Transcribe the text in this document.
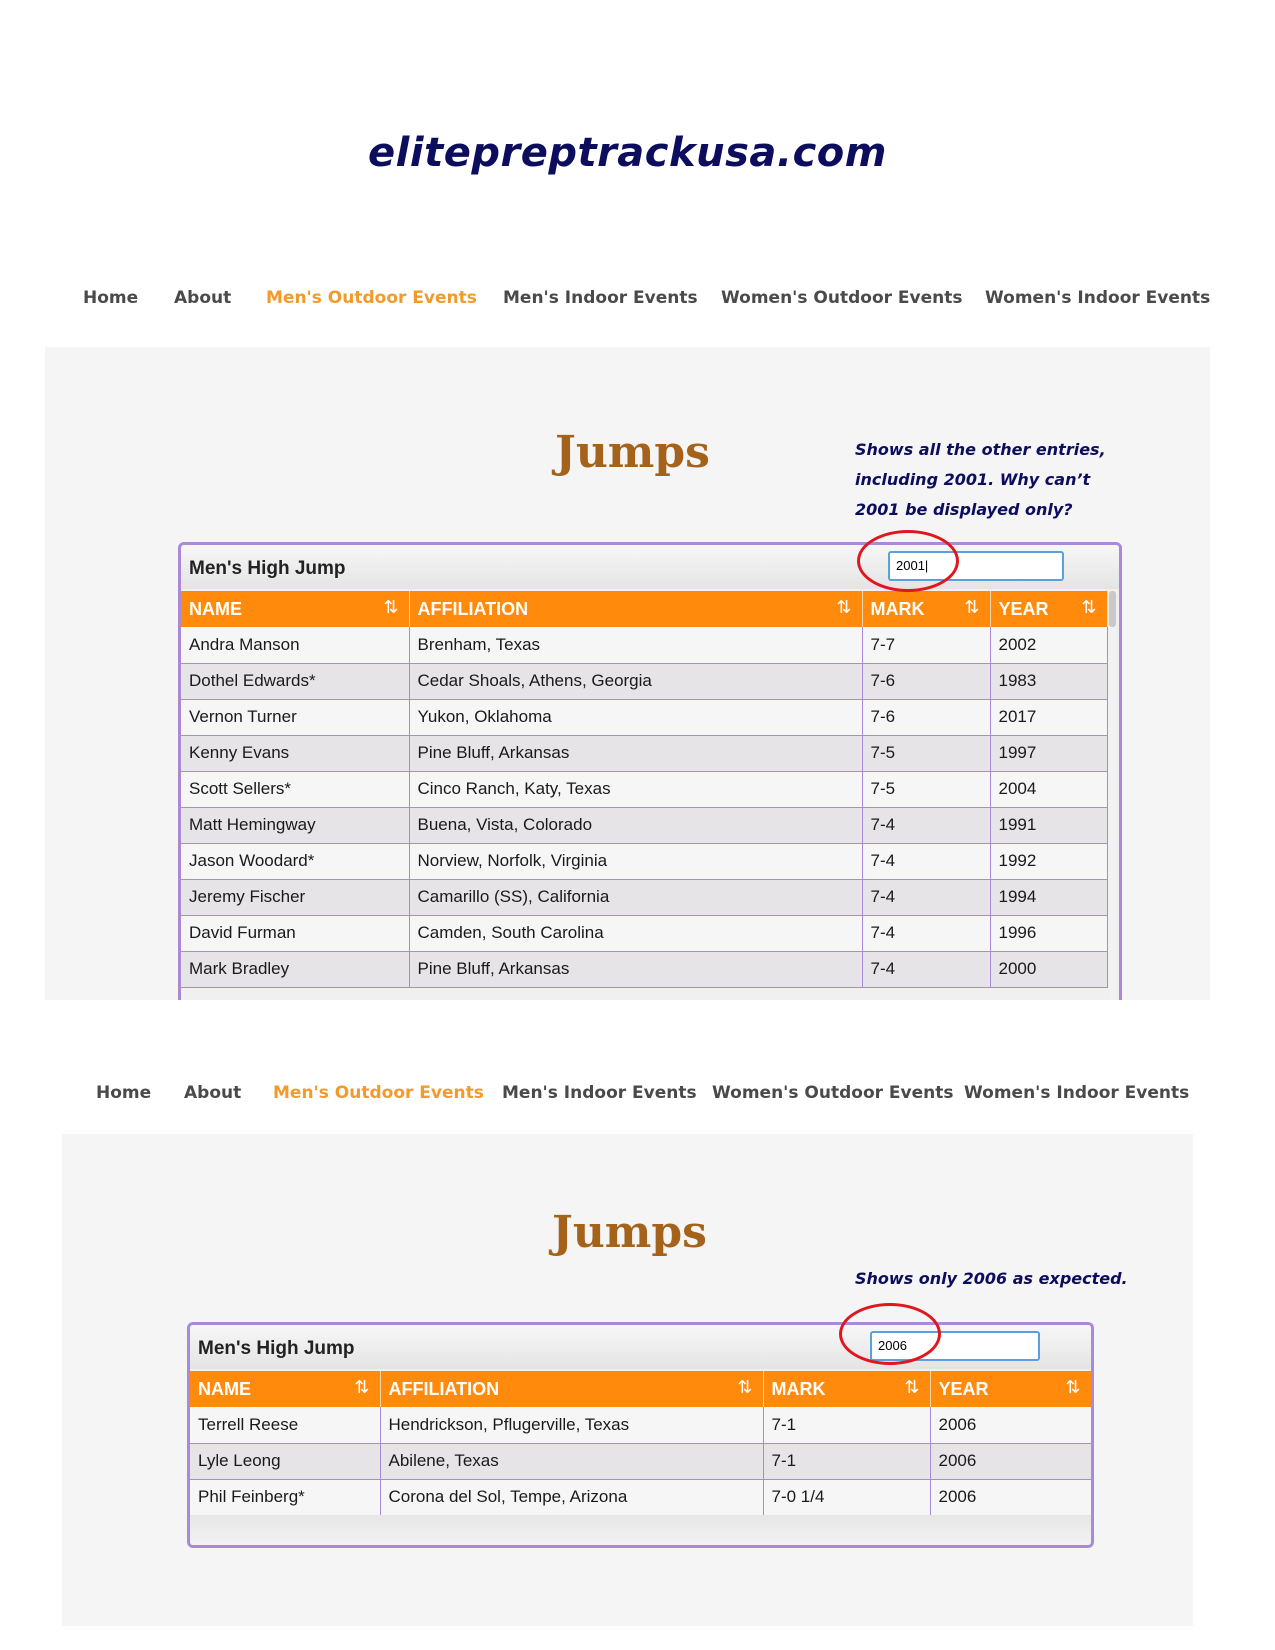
elitepreptrackusa.com
Home About Men's Outdoor Events Men's Indoor Events Women's Outdoor Events Women's Indoor Events
Jumps	Shows all the other entries,
including 2001. Why can’t
2001 be displayed only?
Men's High Jump	2001|
NAME ⇅	AFFILIATION ⇅	MARK ⇅	YEAR ⇅

Andra Manson	Brenham, Texas	7-7	2002
Dothel Edwards*	Cedar Shoals, Athens, Georgia	7-6	1983
Vernon Turner	Yukon, Oklahoma	7-6	2017
Kenny Evans	Pine Bluff, Arkansas	7-5	1997
Scott Sellers*	Cinco Ranch, Katy, Texas	7-5	2004
Matt Hemingway	Buena, Vista, Colorado	7-4	1991
Jason Woodard*	Norview, Norfolk, Virginia	7-4	1992
Jeremy Fischer	Camarillo (SS), California	7-4	1994
David Furman	Camden, South Carolina	7-4	1996
Mark Bradley	Pine Bluff, Arkansas	7-4	2000
Home About Men's Outdoor Events Men's Indoor Events Women's Outdoor Events Women's Indoor Events
Jumps
Shows only 2006 as expected.
Men's High Jump	2006
NAME ⇅	AFFILIATION ⇅	MARK ⇅	YEAR ⇅

Terrell Reese	Hendrickson, Pflugerville, Texas	7-1	2006
Lyle Leong	Abilene, Texas	7-1	2006
Phil Feinberg*	Corona del Sol, Tempe, Arizona	7-0 1/4	2006
